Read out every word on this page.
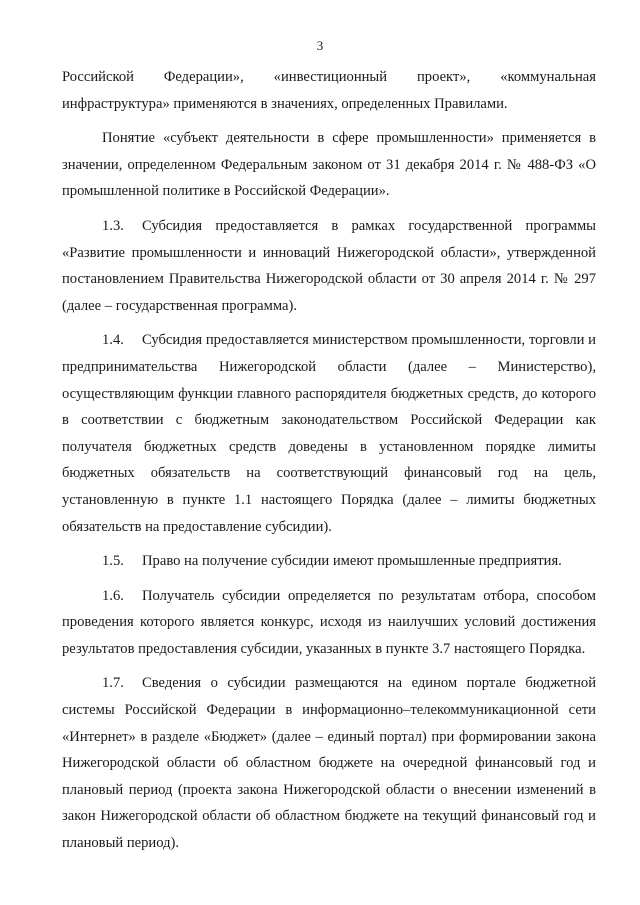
3

Российской Федерации», «инвестиционный проект», «коммунальная инфраструктура» применяются в значениях, определенных Правилами.

Понятие «субъект деятельности в сфере промышленности» применяется в значении, определенном Федеральным законом от 31 декабря 2014 г. № 488-ФЗ «О промышленной политике в Российской Федерации».

1.3. Субсидия предоставляется в рамках государственной программы «Развитие промышленности и инноваций Нижегородской области», утвержденной постановлением Правительства Нижегородской области от 30 апреля 2014 г. № 297 (далее – государственная программа).

1.4. Субсидия предоставляется министерством промышленности, торговли и предпринимательства Нижегородской области (далее – Министерство), осуществляющим функции главного распорядителя бюджетных средств, до которого в соответствии с бюджетным законодательством Российской Федерации как получателя бюджетных средств доведены в установленном порядке лимиты бюджетных обязательств на соответствующий финансовый год на цель, установленную в пункте 1.1 настоящего Порядка (далее – лимиты бюджетных обязательств на предоставление субсидии).

1.5. Право на получение субсидии имеют промышленные предприятия.

1.6. Получатель субсидии определяется по результатам отбора, способом проведения которого является конкурс, исходя из наилучших условий достижения результатов предоставления субсидии, указанных в пункте 3.7 настоящего Порядка.

1.7. Сведения о субсидии размещаются на едином портале бюджетной системы Российской Федерации в информационно–телекоммуникационной сети «Интернет» в разделе «Бюджет» (далее – единый портал) при формировании закона Нижегородской области об областном бюджете на очередной финансовый год и плановый период (проекта закона Нижегородской области о внесении изменений в закон Нижегородской области об областном бюджете на текущий финансовый год и плановый период).
